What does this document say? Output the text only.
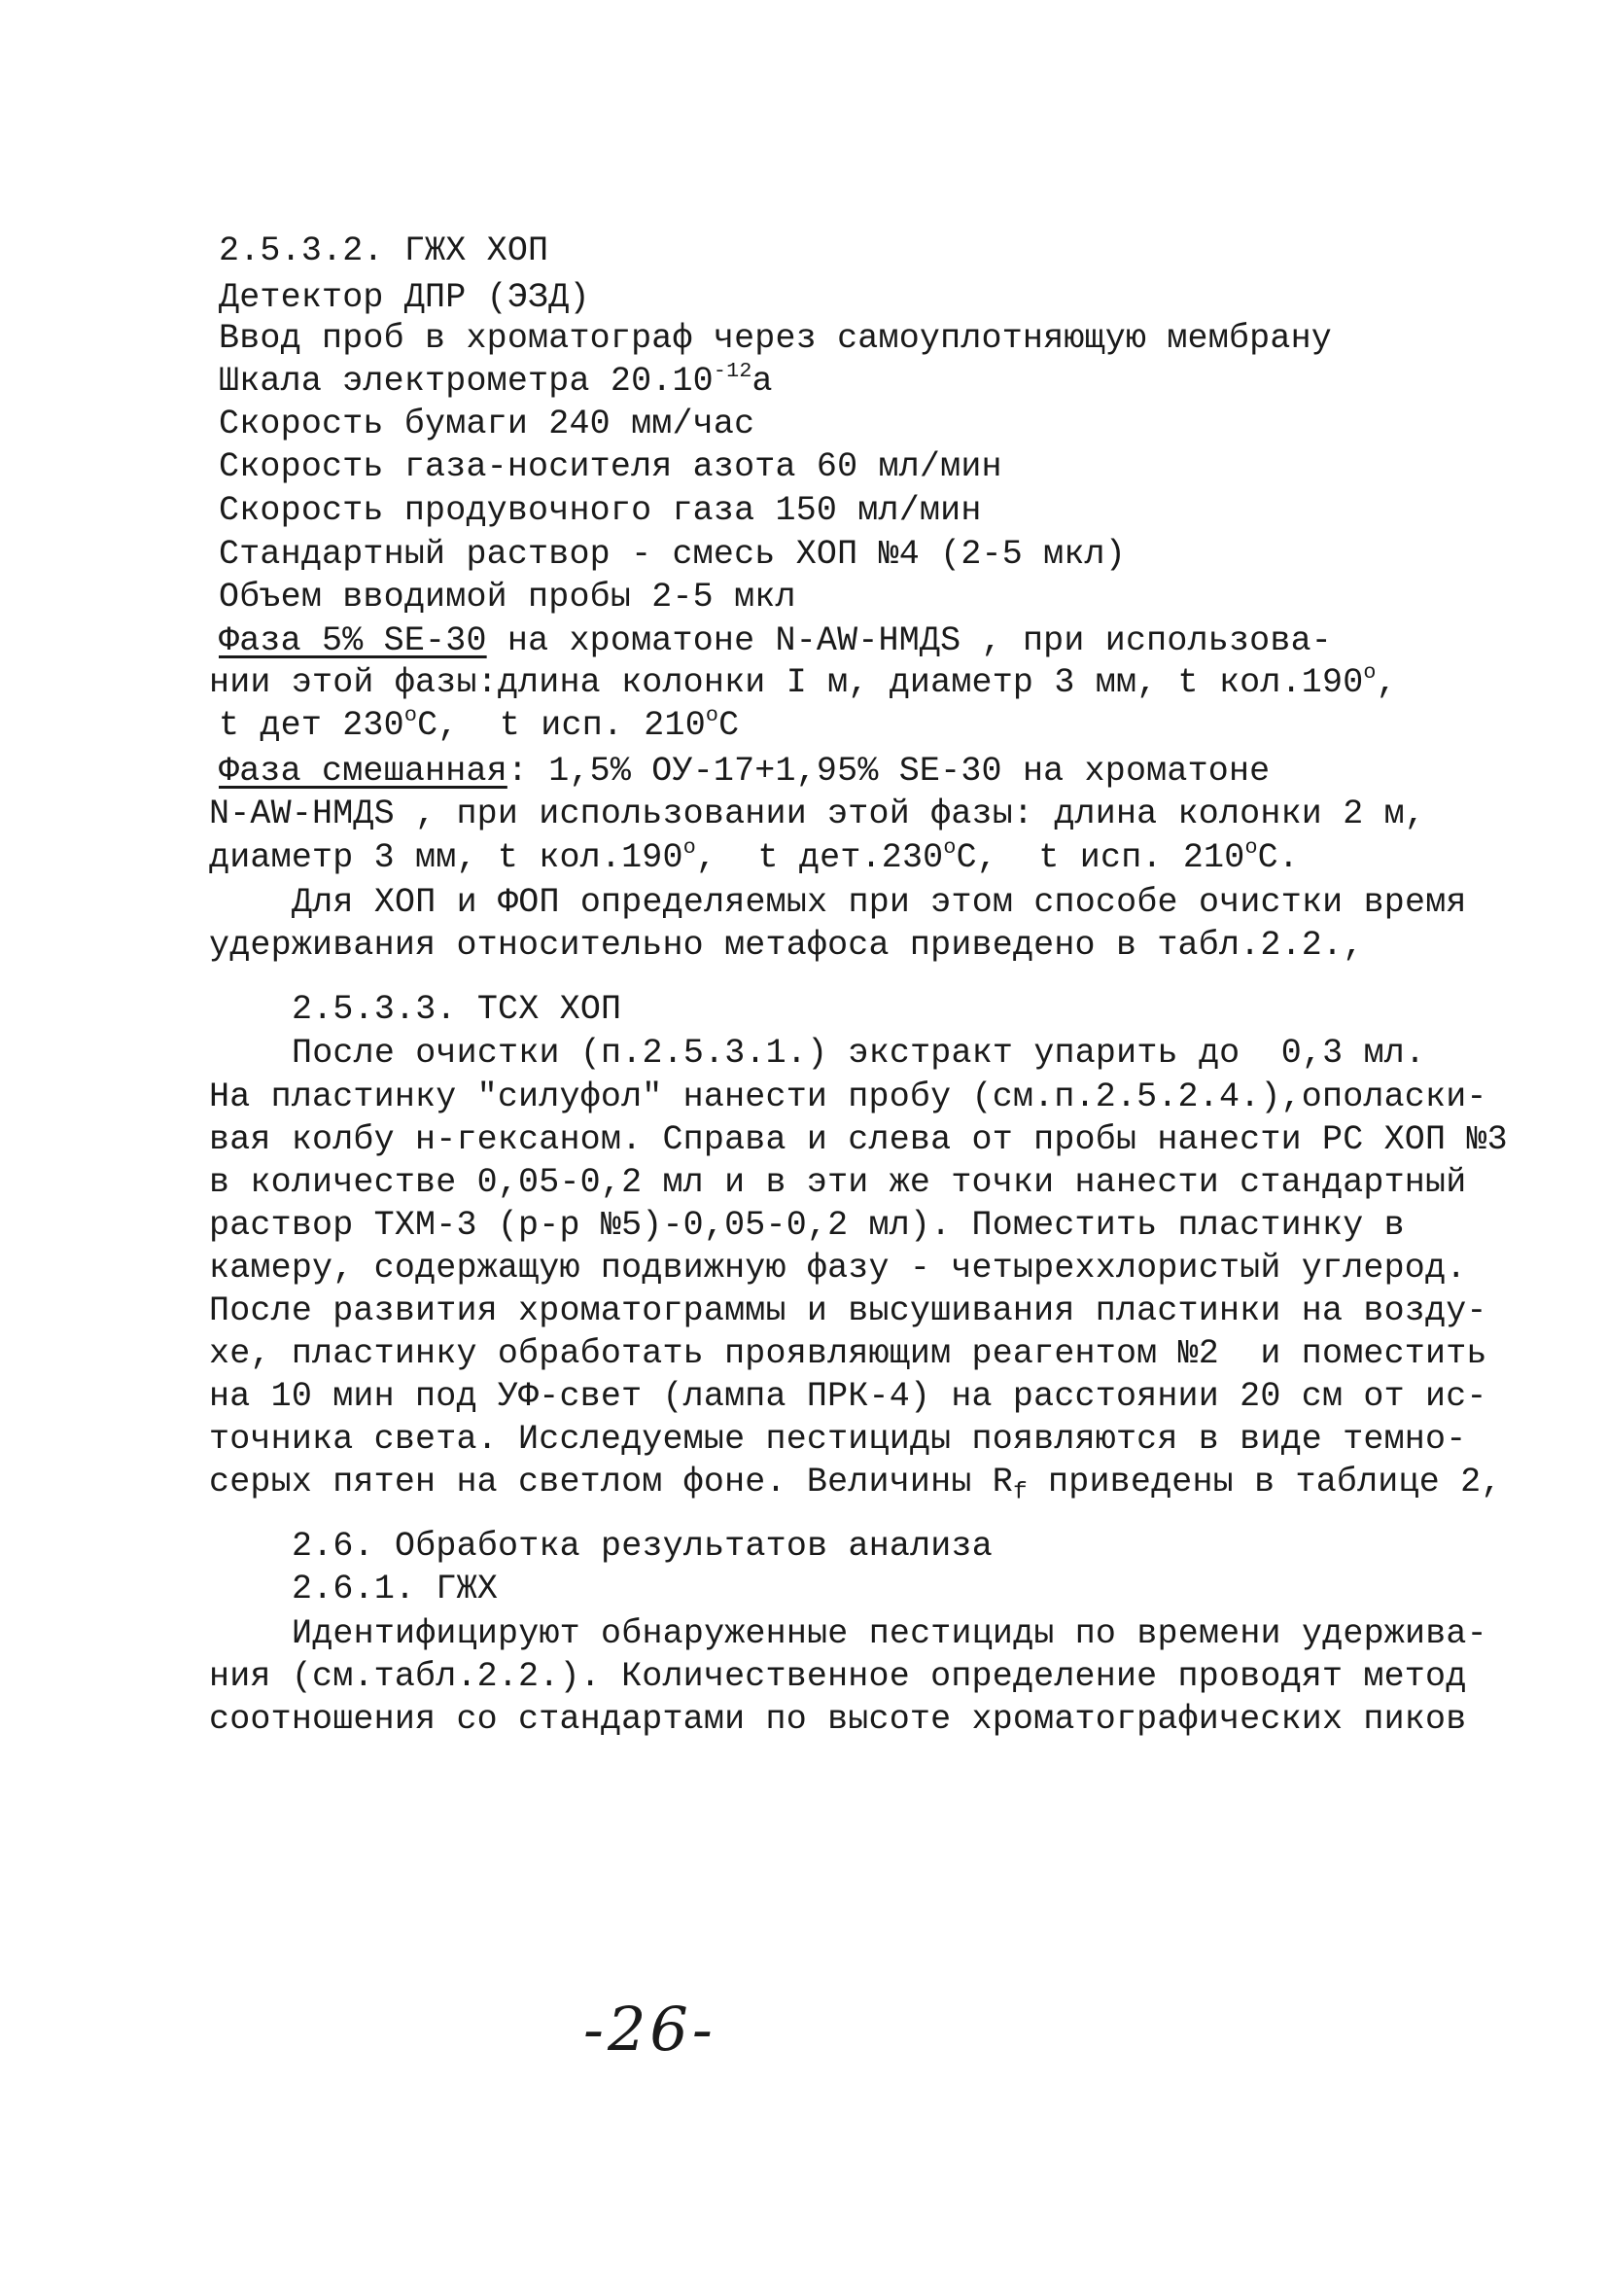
2.5.3.2. ГЖХ ХОП
Детектор ДПР (ЭЗД)
Ввод проб в хроматограф через самоуплотняющую мембрану
Шкала электрометра $20.10^{-12}а$
Скорость бумаги 240 мм/час
Скорость газа-носителя азота 60 мл/мин
Скорость продувочного газа 150 мл/мин
Стандартный раствор - смесь ХОП №4 (2-5 мкл)
Объем вводимой пробы 2-5 мкл
Фаза 5% SE-30 на хроматоне N-AW-НМДS , при использова-
нии этой фазы:длина колонки I м, диаметр 3 мм, t кол.190$^o$,
t дет 230$^o$C,  t исп. 210$^o$C
Фаза смешанная: 1,5% ОУ-17+1,95% SE-30 на хроматоне
N-AW-НМДS , при использовании этой фазы: длина колонки 2 м,
диаметр 3 мм, t кол.190$^o$,  t дет.230$^o$C,  t исп. 210$^o$C.
Для ХОП и ФОП определяемых при этом способе очистки время
удерживания относительно метафоса приведено в табл.2.2.,
2.5.3.3. ТСХ ХОП
После очистки (п.2.5.3.1.) экстракт упарить до  0,3 мл.
На пластинку "силуфол" нанести пробу (см.п.2.5.2.4.),ополаски-
вая колбу н-гексаном. Справа и слева от пробы нанести РС ХОП №3
в количестве 0,05-0,2 мл и в эти же точки нанести стандартный
раствор ТХМ-3 (р-р №5)-0,05-0,2 мл). Поместить пластинку в
камеру, содержащую подвижную фазу - четыреххлористый углерод.
После развития хроматограммы и высушивания пластинки на возду-
хе, пластинку обработать проявляющим реагентом №2  и поместить
на 10 мин под УФ-свет (лампа ПРК-4) на расстоянии 20 см от ис-
точника света. Исследуемые пестициды появляются в виде темно-
серых пятен на светлом фоне. Величины $R_f$ приведены в таблице 2,
2.6. Обработка результатов анализа
2.6.1. ГЖХ
Идентифицируют обнаруженные пестициды по времени удержива-
ния (см.табл.2.2.). Количественное определение проводят метод
соотношения со стандартами по высоте хроматографических пиков
-26-
